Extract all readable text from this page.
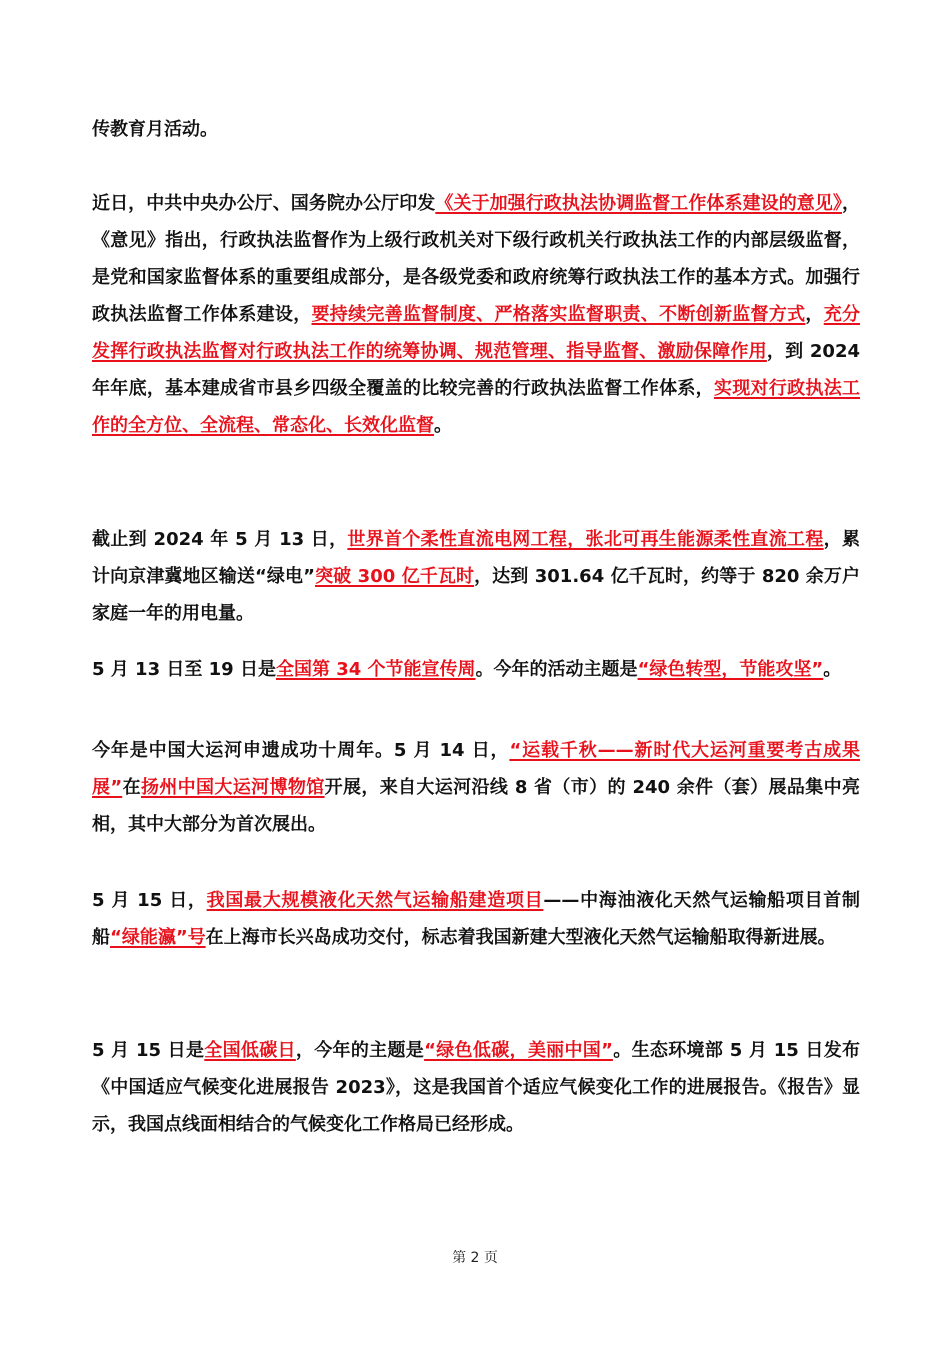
传教育月活动。

近日，中共中央办公厅、国务院办公厅印发《关于加强行政执法协调监督工作体系建设的意见》，《意见》指出，行政执法监督作为上级行政机关对下级行政机关行政执法工作的内部层级监督，是党和国家监督体系的重要组成部分，是各级党委和政府统筹行政执法工作的基本方式。加强行政执法监督工作体系建设，要持续完善监督制度、严格落实监督职责、不断创新监督方式，充分发挥行政执法监督对行政执法工作的统筹协调、规范管理、指导监督、激励保障作用，到 2024 年年底，基本建成省市县乡四级全覆盖的比较完善的行政执法监督工作体系，实现对行政执法工作的全方位、全流程、常态化、长效化监督。

截止到 2024 年 5 月 13 日，世界首个柔性直流电网工程，张北可再生能源柔性直流工程，累计向京津冀地区输送“绿电”突破 300 亿千瓦时，达到 301.64 亿千瓦时，约等于 820 余万户家庭一年的用电量。

5 月 13 日至 19 日是全国第 34 个节能宣传周。今年的活动主题是“绿色转型，节能攻坚”。

今年是中国大运河申遗成功十周年。5 月 14 日，“运载千秋——新时代大运河重要考古成果展”在扬州中国大运河博物馆开展，来自大运河沿线 8 省（市）的 240 余件（套）展品集中亮相，其中大部分为首次展出。

5 月 15 日，我国最大规模液化天然气运输船建造项目——中海油液化天然气运输船项目首制船“绿能瀛”号在上海市长兴岛成功交付，标志着我国新建大型液化天然气运输船取得新进展。

5 月 15 日是全国低碳日，今年的主题是“绿色低碳，美丽中国”。生态环境部 5 月 15 日发布《中国适应气候变化进展报告 2023》，这是我国首个适应气候变化工作的进展报告。《报告》显示，我国点线面相结合的气候变化工作格局已经形成。

第 2 页
